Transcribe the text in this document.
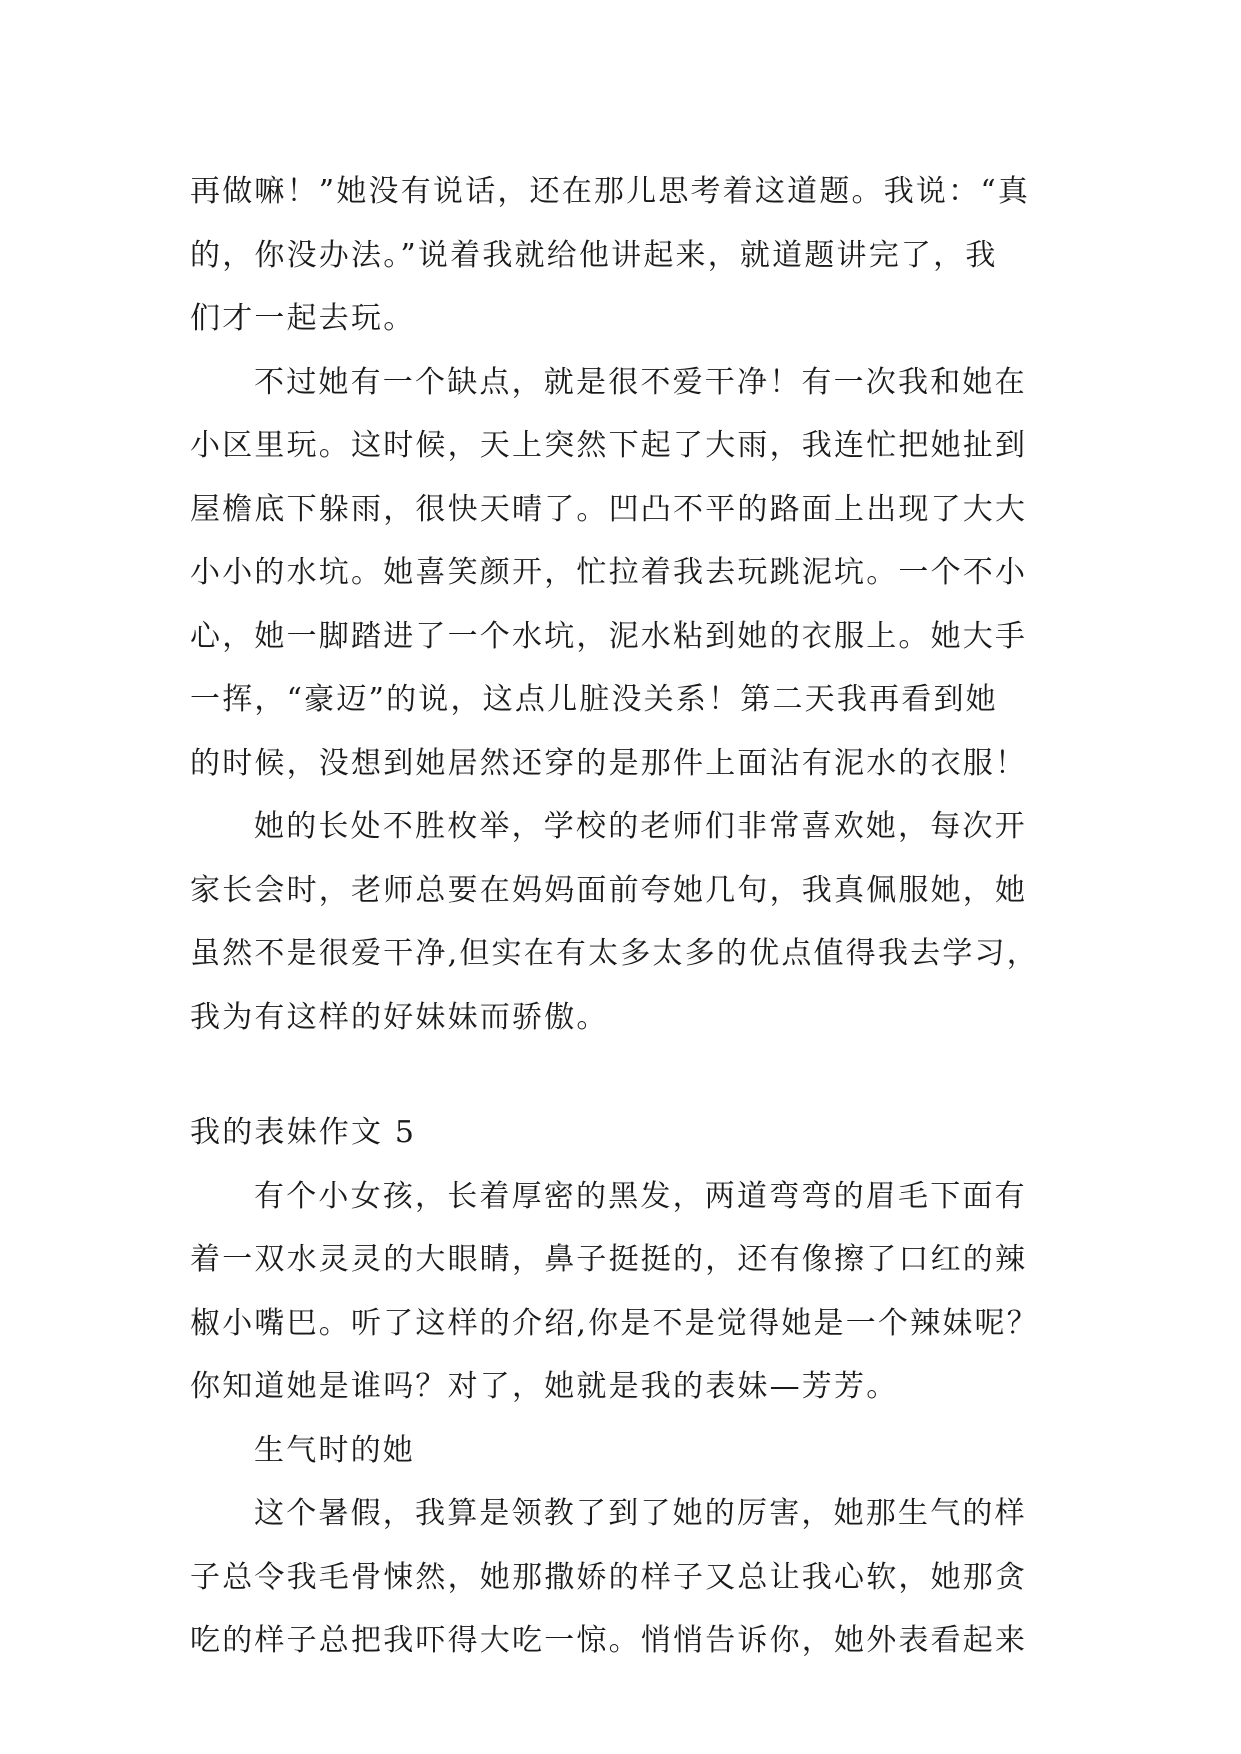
再做嘛！”她没有说话，还在那儿思考着这道题。我说：“真
的，你没办法。”说着我就给他讲起来，就道题讲完了，我
们才一起去玩。
不过她有一个缺点，就是很不爱干净！有一次我和她在
小区里玩。这时候，天上突然下起了大雨，我连忙把她扯到
屋檐底下躲雨，很快天晴了。凹凸不平的路面上出现了大大
小小的水坑。她喜笑颜开，忙拉着我去玩跳泥坑。一个不小
心，她一脚踏进了一个水坑，泥水粘到她的衣服上。她大手
一挥，“豪迈”的说，这点儿脏没关系！第二天我再看到她
的时候，没想到她居然还穿的是那件上面沾有泥水的衣服！
她的长处不胜枚举，学校的老师们非常喜欢她，每次开
家长会时，老师总要在妈妈面前夸她几句，我真佩服她，她
虽然不是很爱干净,但实在有太多太多的优点值得我去学习，
我为有这样的好妹妹而骄傲。
我的表妹作文 5
有个小女孩，长着厚密的黑发，两道弯弯的眉毛下面有
着一双水灵灵的大眼睛，鼻子挺挺的，还有像擦了口红的辣
椒小嘴巴。听了这样的介绍,你是不是觉得她是一个辣妹呢？
你知道她是谁吗？对了，她就是我的表妹—芳芳。
生气时的她
这个暑假，我算是领教了到了她的厉害，她那生气的样
子总令我毛骨悚然，她那撒娇的样子又总让我心软，她那贪
吃的样子总把我吓得大吃一惊。悄悄告诉你，她外表看起来
